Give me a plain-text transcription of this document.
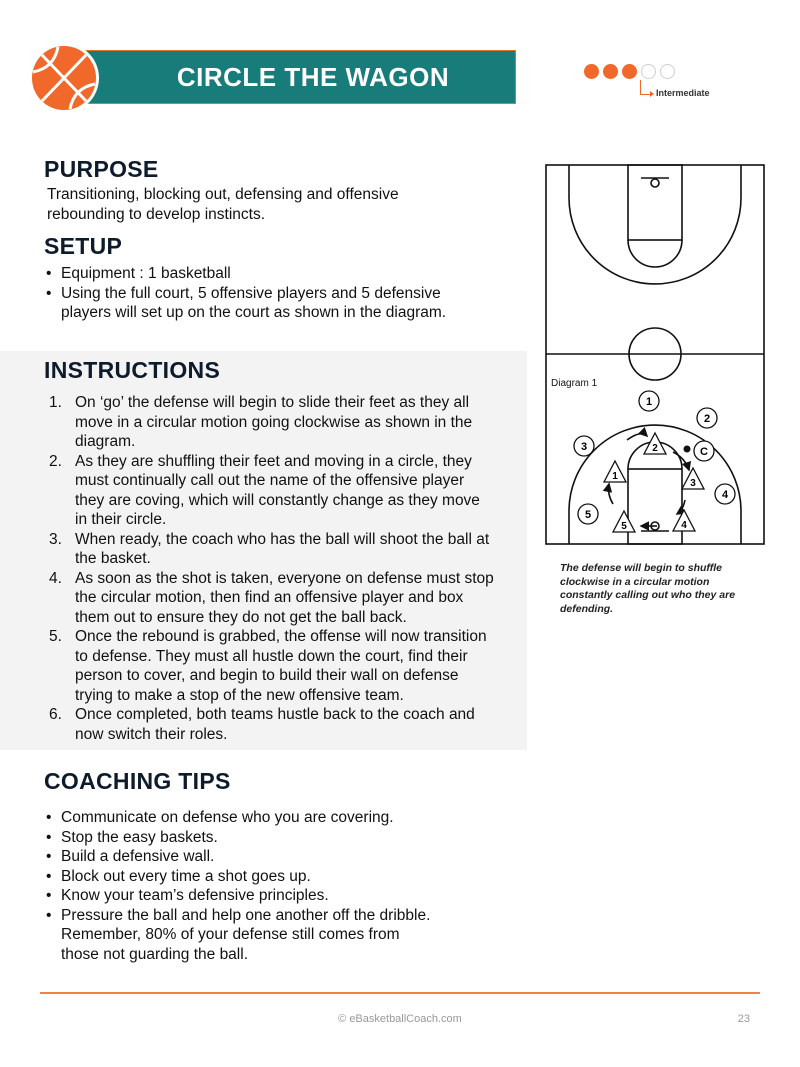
CIRCLE THE WAGON
Intermediate
PURPOSE
Transitioning, blocking out, defensing and offensive
rebounding to develop instincts.
SETUP
• Equipment : 1 basketball
• Using the full court, 5 offensive players and 5 defensive
players will set up on the court as shown in the diagram.
INSTRUCTIONS
1. On ‘go’ the defense will begin to slide their feet as they all
move in a circular motion going clockwise as shown in the
diagram.
2. As they are shuffling their feet and moving in a circle, they
must continually call out the name of the offensive player
they are coving, which will constantly change as they move
in their circle.
3. When ready, the coach who has the ball will shoot the ball at
the basket.
4. As soon as the shot is taken, everyone on defense must stop
the circular motion, then find an offensive player and box
them out to ensure they do not get the ball back.
5. Once the rebound is grabbed, the offense will now transition
to defense. They must all hustle down the court, find their
person to cover, and begin to build their wall on defense
trying to make a stop of the new offensive team.
6. Once completed, both teams hustle back to the coach and
now switch their roles.
Diagram 1
1
2
3
4
5
C
1
2
3
4
5
The defense will begin to shuffle
clockwise in a circular motion
constantly calling out who they are
defending.
COACHING TIPS
• Communicate on defense who you are covering.
• Stop the easy baskets.
• Build a defensive wall.
• Block out every time a shot goes up.
• Know your team’s defensive principles.
• Pressure the ball and help one another off the dribble.
Remember, 80% of your defense still comes from
those not guarding the ball.
© eBasketballCoach.com	23
